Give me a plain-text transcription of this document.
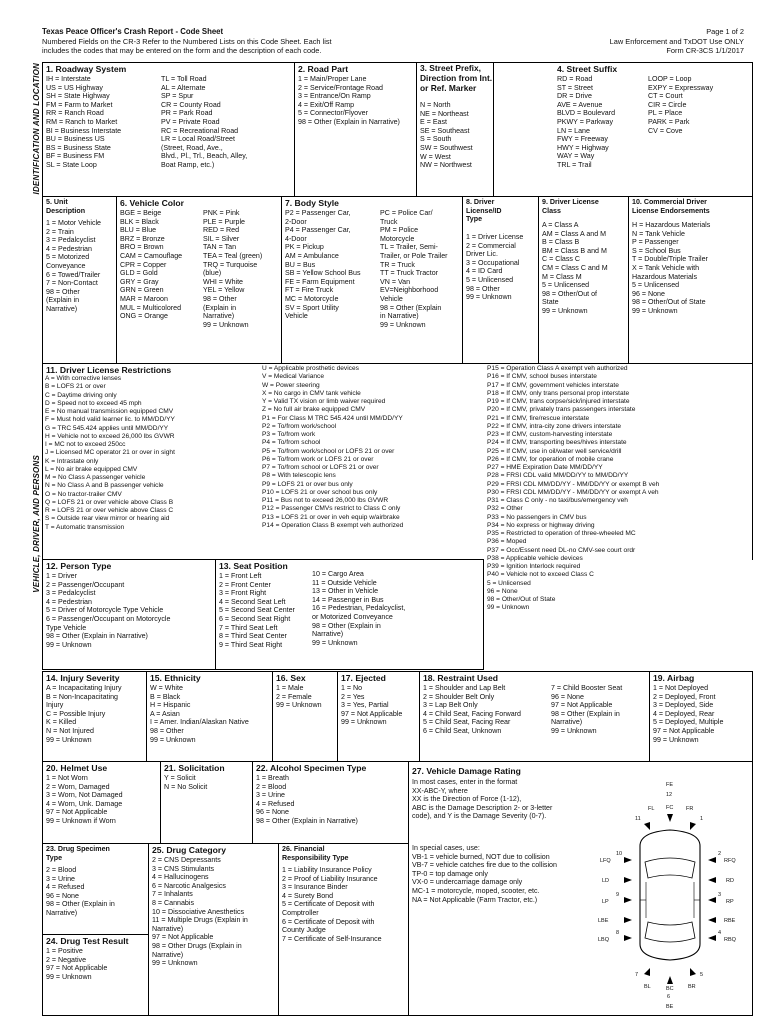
Texas Peace Officer's Crash Report - Code Sheet
Numbered Fields on the CR-3 Refer to the Numbered Lists on this Code Sheet. Each list
includes the codes that may be entered on the form and the description of each code.
Page 1 of 2
Law Enforcement and TxDOT Use ONLY
Form CR-3CS 1/1/2017
IDENTIFICATION AND LOCATION
VEHICLE, DRIVER, AND PERSONS
1. Roadway System
IH = Interstate
US = US Highway
SH = State Highway
FM = Farm to Market
RR = Ranch Road
RM = Ranch to Market
BI = Business Interstate
BU = Business US
BS = Business State
BF = Business FM
SL = State Loop
TL = Toll Road
AL = Alternate
SP = Spur
CR = County Road
PR = Park Road
PV = Private Road
RC = Recreational Road
LR = Local Road/Street
(Street, Road, Ave.,
Blvd., Pl., Trl., Beach, Alley,
Boat Ramp, etc.)
2. Road Part
1 = Main/Proper Lane
2 = Service/Frontage Road
3 = Entrance/On Ramp
4 = Exit/Off Ramp
5 = Connector/Flyover
98 = Other (Explain in Narrative)
3. Street Prefix,
Direction from Int.
or Ref. Marker
N = North
NE = Northeast
E = East
SE = Southeast
S = South
SW = Southwest
W = West
NW = Northwest
4. Street Suffix
RD = Road
ST = Street
DR = Drive
AVE = Avenue
BLVD = Boulevard
PKWY = Parkway
LN = Lane
FWY = Freeway
HWY = Highway
WAY = Way
TRL = Trail
LOOP = Loop
EXPY = Expressway
CT = Court
CIR = Circle
PL = Place
PARK = Park
CV = Cove
5. Unit
Description
1 = Motor Vehicle
2 = Train
3 = Pedalcyclist
4 = Pedestrian
5 = Motorized
Conveyance
6 = Towed/Trailer
7 = Non-Contact
98 = Other
(Explain in
Narrative)
6. Vehicle Color
BGE = Beige
BLK = Black
BLU = Blue
BRZ = Bronze
BRO = Brown
CAM = Camouflage
CPR = Copper
GLD = Gold
GRY = Gray
GRN = Green
MAR = Maroon
MUL = Multicolored
ONG = Orange
PNK = Pink
PLE = Purple
RED = Red
SIL = Silver
TAN = Tan
TEA = Teal (green)
TRQ = Turquoise
(blue)
WHI = White
YEL = Yellow
98 = Other
(Explain in
Narrative)
99 = Unknown
7. Body Style
P2 = Passenger Car,
2-Door
P4 = Passenger Car,
4-Door
PK = Pickup
AM = Ambulance
BU = Bus
SB = Yellow School Bus
FE = Farm Equipment
FT = Fire Truck
MC = Motorcycle
SV = Sport Utility
Vehicle
PC = Police Car/
Truck
PM = Police
Motorcycle
TL = Trailer, Semi-
Trailer, or Pole Trailer
TR = Truck
TT = Truck Tractor
VN = Van
EV=Neighborhood
Vehicle
98 = Other (Explain
in Narrative)
99 = Unknown
8. Driver
License/ID
Type
1 = Driver License
2 = Commercial
Driver Lic.
3 = Occupational
4 = ID Card
5 = Unlicensed
98 = Other
99 = Unknown
9. Driver License
Class
A = Class A
AM = Class A and M
B = Class B
BM = Class B and M
C = Class C
CM = Class C and M
M = Class M
5 = Unlicensed
98 = Other/Out of
State
99 = Unknown
10. Commercial Driver
License Endorsements
H = Hazardous Materials
N = Tank Vehicle
P = Passenger
S = School Bus
T = Double/Triple Trailer
X = Tank Vehicle with
Hazardous Materials
5 = Unlicensed
96 = None
98 = Other/Out of State
99 = Unknown
11. Driver License Restrictions
A = With corrective lenses
B = LOFS 21 or over
C = Daytime driving only
D = Speed not to exceed 45 mph
E = No manual transmission equipped CMV
F = Must hold valid learner lic. to MM/DD/YY
G = TRC 545.424 applies until MM/DD/YY
H = Vehicle not to exceed 26,000 lbs GVWR
I = MC not to exceed 250cc
J = Licensed MC operator 21 or over in sight
K = Intrastate only
L = No air brake equipped CMV
M = No Class A passenger vehicle
N = No Class A and B passenger vehicle
O = No tractor-trailer CMV
Q = LOFS 21 or over vehicle above Class B
R = LOFS 21 or over vehicle above Class C
S = Outside rear view mirror or hearing aid
T = Automatic transmission
U = Applicable prosthetic devices
V = Medical Variance
W = Power steering
X = No cargo in CMV tank vehicle
Y = Valid TX vision or limb waiver required
Z = No full air brake equipped CMV
P1 = For Class M TRC 545.424 until MM/DD/YY
P2 = To/from work/school
P3 = To/from work
P4 = To/from school
P5 = To/from work/school or LOFS 21 or over
P6 = To/from work or LOFS 21 or over
P7 = To/from school or LOFS 21 or over
P8 = With telescopic lens
P9 = LOFS 21 or over bus only
P10 = LOFS 21 or over school bus only
P11 = Bus not to exceed 26,000 lbs GVWR
P12 = Passenger CMVs restrict to Class C only
P13 = LOFS 21 or over in veh equip w/airbrake
P14 = Operation Class B exempt veh authorized
P15 = Operation Class A exempt veh authorized
P16 = If CMV, school buses interstate
P17 = If CMV, government vehicles interstate
P18 = If CMV, only trans personal prop interstate
P19 = If CMV, trans corpse/sick/injured interstate
P20 = If CMV, privately trans passengers interstate
P21 = If CMV, fire/rescue interstate
P22 = If CMV, intra-city zone drivers interstate
P23 = If CMV, custom-harvesting interstate
P24 = If CMV, transporting bees/hives interstate
P25 = If CMV, use in oil/water well service/drill
P26 = If CMV, for operation of mobile crane
P27 = HME Expiration Date MM/DD/YY
P28 = FRSI CDL valid MM/DD/YY to MM/DD/YY
P29 = FRSI CDL MM/DD/YY - MM/DD/YY or exempt B veh
P30 = FRSI CDL MM/DD/YY - MM/DD/YY or exempt A veh
P31 = Class C only - no taxi/bus/emergency veh
P32 = Other
P33 = No passengers in CMV bus
P34 = No express or highway driving
P35 = Restricted to operation of three-wheeled MC
P36 = Moped
P37 = Occ/Essent need DL-no CMV-see court ordr
P38 = Applicable vehicle devices
P39 = Ignition Interlock required
P40 = Vehicle not to exceed Class C
5 = Unlicensed
96 = None
98 = Other/Out of State
99 = Unknown
12. Person Type
1 = Driver
2 = Passenger/Occupant
3 = Pedalcyclist
4 = Pedestrian
5 = Driver of Motorcycle Type Vehicle
6 = Passenger/Occupant on Motorcycle
Type Vehicle
98 = Other (Explain in Narrative)
99 = Unknown
13. Seat Position
1 = Front Left
2 = Front Center
3 = Front Right
4 = Second Seat Left
5 = Second Seat Center
6 = Second Seat Right
7 = Third Seat Left
8 = Third Seat Center
9 = Third Seat Right
10 = Cargo Area
11 = Outside Vehicle
13 = Other in Vehicle
14 = Passenger in Bus
16 = Pedestrian, Pedalcyclist,
or Motorized Conveyance
98 = Other (Explain in
Narrative)
99 = Unknown
14. Injury Severity
A = Incapacitating Injury
B = Non-Incapacitating
Injury
C = Possible Injury
K = Killed
N = Not Injured
99 = Unknown
15. Ethnicity
W = White
B = Black
H = Hispanic
A = Asian
I = Amer. Indian/Alaskan Native
98 = Other
99 = Unknown
16. Sex
1 = Male
2 = Female
99 = Unknown
17. Ejected
1 = No
2 = Yes
3 = Yes, Partial
97 = Not Applicable
99 = Unknown
18. Restraint Used
1 = Shoulder and Lap Belt
2 = Shoulder Belt Only
3 = Lap Belt Only
4 = Child Seat, Facing Forward
5 = Child Seat, Facing Rear
6 = Child Seat, Unknown
7 = Child Booster Seat
96 = None
97 = Not Applicable
98 = Other (Explain in
Narrative)
99 = Unknown
19. Airbag
1 = Not Deployed
2 = Deployed, Front
3 = Deployed, Side
4 = Deployed, Rear
5 = Deployed, Multiple
97 = Not Applicable
99 = Unknown
20. Helmet Use
1 = Not Worn
2 = Worn, Damaged
3 = Worn, Not Damaged
4 = Worn, Unk. Damage
97 = Not Applicable
99 = Unknown if Worn
21. Solicitation
Y = Solicit
N = No Solicit
22. Alcohol Specimen Type
1 = Breath
2 = Blood
3 = Urine
4 = Refused
96 = None
98 = Other (Explain in Narrative)
27. Vehicle Damage Rating
In most cases, enter in the format
XX-ABC-Y, where
XX is the Direction of Force (1-12),
ABC is the Damage Description 2- or 3-letter
code), and Y is the Damage Severity (0-7).
In special cases, use:
VB-1 = vehicle burned, NOT due to collision
VB-7 = vehicle catches fire due to the collision
TP-0 = top damage only
VX-0 = undercarriage damage only
MC-1 = motorcycle, moped, scooter, etc.
NA = Not Applicable (Farm Tractor, etc.)
FE
12
FL FC FR
11	1
LFQ	RFQ
10	2
LD	RD
9	3
LP	RP
LBE	RBE
8	4
LBQ	RBQ
7	5
BL	BC	BR
6
BE
23. Drug Specimen
Type
2 = Blood
3 = Urine
4 = Refused
96 = None
98 = Other (Explain in
Narrative)
25. Drug Category
2 = CNS Depressants
3 = CNS Stimulants
4 = Hallucinogens
6 = Narcotic Analgesics
7 = Inhalants
8 = Cannabis
10 = Dissociative Anesthetics
11 = Multiple Drugs (Explain in
Narrative)
97 = Not Applicable
98 = Other Drugs (Explain in
Narrative)
99 = Unknown
26. Financial
Responsibility Type
1 = Liability Insurance Policy
2 = Proof of Liability Insurance
3 = Insurance Binder
4 = Surety Bond
5 = Certificate of Deposit with
Comptroller
6 = Certificate of Deposit with
County Judge
7 = Certificate of Self-Insurance
24. Drug Test Result
1 = Positive
2 = Negative
97 = Not Applicable
99 = Unknown
